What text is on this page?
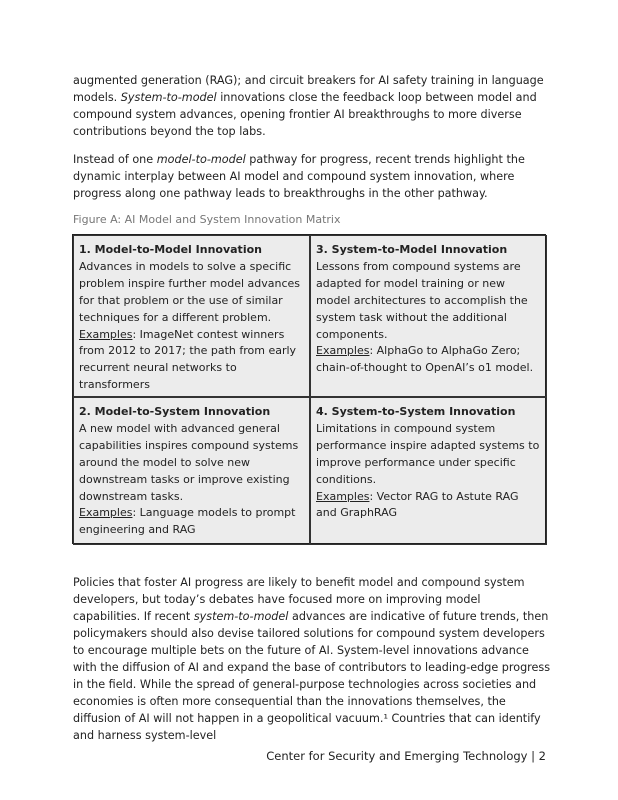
augmented generation (RAG); and circuit breakers for AI safety training in language models. System-to-model innovations close the feedback loop between model and compound system advances, opening frontier AI breakthroughs to more diverse contributions beyond the top labs.

Instead of one model-to-model pathway for progress, recent trends highlight the dynamic interplay between AI model and compound system innovation, where progress along one pathway leads to breakthroughs in the other pathway.

Figure A: AI Model and System Innovation Matrix
1. Model-to-Model Innovation
Advances in models to solve a specific problem inspire further model advances for that problem or the use of similar techniques for a different problem.
Examples: ImageNet contest winners from 2012 to 2017; the path from early recurrent neural networks to transformers
3. System-to-Model Innovation
Lessons from compound systems are adapted for model training or new model architectures to accomplish the system task without the additional components.
Examples: AlphaGo to AlphaGo Zero; chain-of-thought to OpenAI’s o1 model.
2. Model-to-System Innovation
A new model with advanced general capabilities inspires compound systems around the model to solve new downstream tasks or improve existing downstream tasks.
Examples: Language models to prompt engineering and RAG
4. System-to-System Innovation
Limitations in compound system performance inspire adapted systems to improve performance under specific conditions.
Examples: Vector RAG to Astute RAG and GraphRAG

Policies that foster AI progress are likely to benefit model and compound system developers, but today’s debates have focused more on improving model capabilities. If recent system-to-model advances are indicative of future trends, then policymakers should also devise tailored solutions for compound system developers to encourage multiple bets on the future of AI. System-level innovations advance with the diffusion of AI and expand the base of contributors to leading-edge progress in the field. While the spread of general-purpose technologies across societies and economies is often more consequential than the innovations themselves, the diffusion of AI will not happen in a geopolitical vacuum.¹ Countries that can identify and harness system-level

Center for Security and Emerging Technology | 2
